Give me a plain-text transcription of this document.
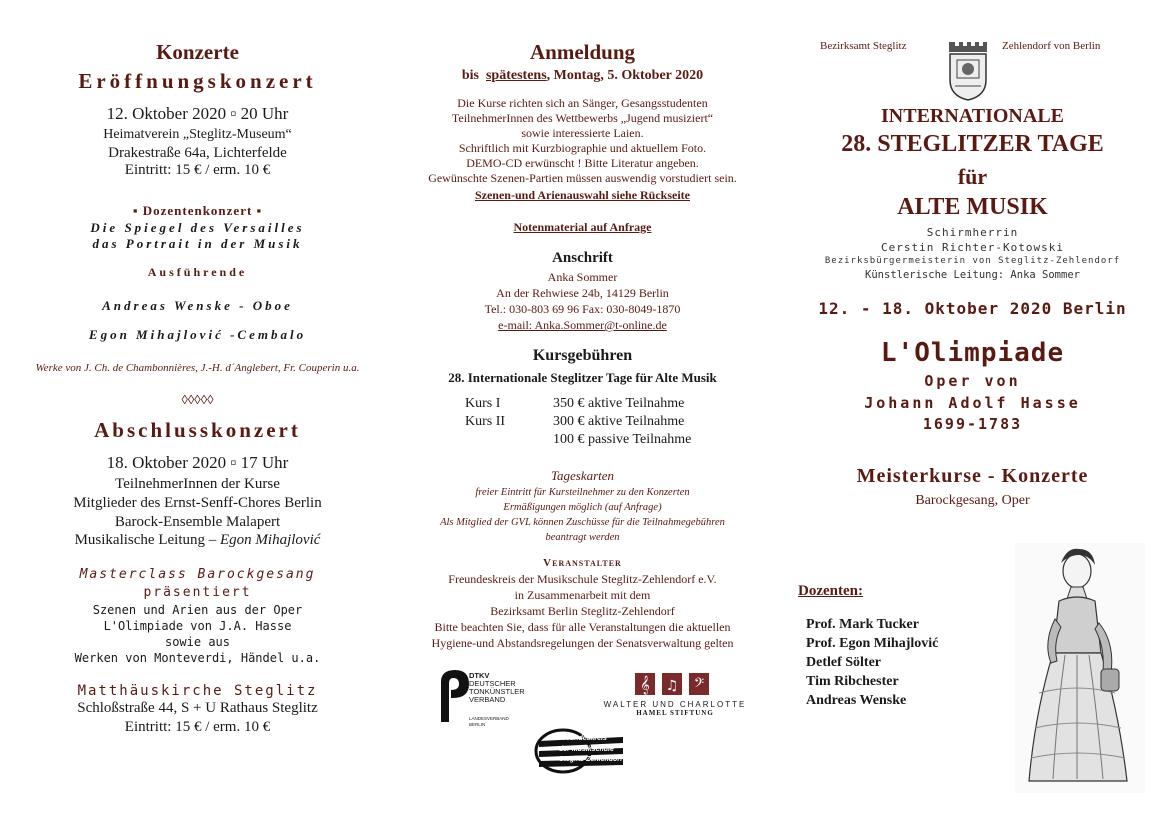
Konzerte
Eröffnungskonzert
12. Oktober 2020 ▫ 20 Uhr
Heimatverein „Steglitz-Museum“
Drakestraße 64a, Lichterfelde
Eintritt: 15 € / erm. 10 €
▪ Dozentenkonzert ▪
Die Spiegel des Versailles
das Portrait in der Musik
Ausführende
Andreas Wenske - Oboe
Egon Mihajlović -Cembalo
Werke von J. Ch. de Chambonnières, J.-H. d´Anglebert, Fr. Couperin u.a.
◊◊◊◊◊
Abschlusskonzert
18. Oktober 2020 ▫ 17 Uhr
TeilnehmerInnen der Kurse
Mitglieder des Ernst-Senff-Chores Berlin
Barock-Ensemble Malapert
Musikalische Leitung – Egon Mihajlović
Masterclass Barockgesang
präsentiert
Szenen und Arien aus der Oper
L'Olimpiade von J.A. Hasse
sowie aus
Werken von Monteverdi, Händel u.a.
Matthäuskirche Steglitz
Schloßstraße 44, S + U Rathaus Steglitz
Eintritt: 15 € / erm. 10 €
Anmeldung
bis spätestens, Montag, 5. Oktober 2020
Die Kurse richten sich an Sänger, Gesangsstudenten
TeilnehmerInnen des Wettbewerbs „Jugend musiziert“
sowie interessierte Laien.
Schriftlich mit Kurzbiographie und aktuellem Foto.
DEMO-CD erwünscht ! Bitte Literatur angeben.
Gewünschte Szenen-Partien müssen auswendig vorstudiert sein.
Szenen-und Arienauswahl siehe Rückseite
Notenmaterial auf Anfrage
Anschrift
Anka Sommer
An der Rehwiese 24b, 14129 Berlin
Tel.: 030-803 69 96 Fax: 030-8049-1870
e-mail: Anka.Sommer@t-online.de
Kursgebühren
28. Internationale Steglitzer Tage für Alte Musik
Kurs I	350 € aktive Teilnahme
Kurs II	300 € aktive Teilnahme
100 € passive Teilnahme
Tageskarten
freier Eintritt für Kursteilnehmer zu den Konzerten
Ermäßigungen möglich (auf Anfrage)
Als Mitglied der GVL können Zuschüsse für die Teilnahmegebühren
beantragt werden
Veranstalter
Freundeskreis der Musikschule Steglitz-Zehlendorf e.V.
in Zusammenarbeit mit dem
Bezirksamt Berlin Steglitz-Zehlendorf
Bitte beachten Sie, dass für alle Veranstaltungen die aktuellen
Hygiene-und Abstandsregelungen der Senatsverwaltung gelten
DTKV
DEUTSCHER
TONKÜNSTLER
VERBAND
LANDESVERBAND
BERLIN
𝄞 ♫ 𝄢
WALTER UND CHARLOTTE
HAMEL STIFTUNG
Freundeskreis
der Musikschule
Steglitz-Zehlendorf
Bezirksamt Steglitz	Zehlendorf von Berlin
INTERNATIONALE
28. STEGLITZER TAGE
für
ALTE MUSIK
Schirmherrin
Cerstin Richter-Kotowski
Bezirksbürgermeisterin von Steglitz-Zehlendorf
Künstlerische Leitung: Anka Sommer
12. - 18. Oktober 2020 Berlin
L'Olimpiade
Oper von
Johann Adolf Hasse
1699-1783
Meisterkurse - Konzerte
Barockgesang, Oper
Dozenten:
Prof. Mark Tucker
Prof. Egon Mihajlović
Detlef Sölter
Tim Ribchester
Andreas Wenske
